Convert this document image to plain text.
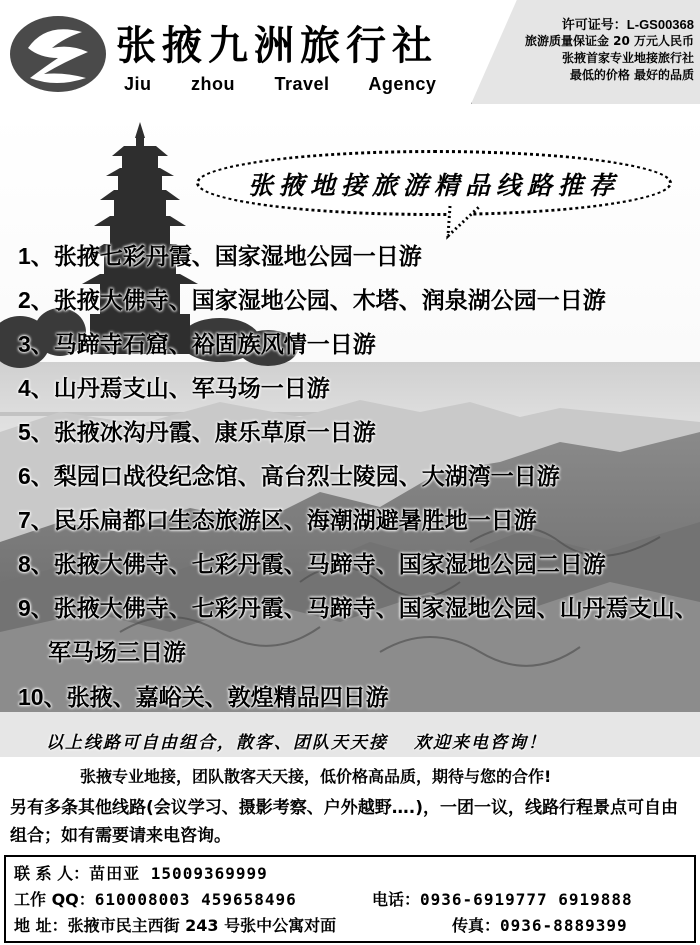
张掖九洲旅行社
Jiu zhou Travel Agency
许可证号：L-GS00368
旅游质量保证金 20 万元人民币
张掖首家专业地接旅行社
最低的价格 最好的品质
张掖地接旅游精品线路推荐
1、张掖七彩丹霞、国家湿地公园一日游
2、张掖大佛寺、国家湿地公园、木塔、润泉湖公园一日游
3、马蹄寺石窟、裕固族风情一日游
4、山丹焉支山、军马场一日游
5、张掖冰沟丹霞、康乐草原一日游
6、梨园口战役纪念馆、高台烈士陵园、大湖湾一日游
7、民乐扁都口生态旅游区、海潮湖避暑胜地一日游
8、张掖大佛寺、七彩丹霞、马蹄寺、国家湿地公园二日游
9、张掖大佛寺、七彩丹霞、马蹄寺、国家湿地公园、山丹焉支山、军马场三日游
10、张掖、嘉峪关、敦煌精品四日游
以上线路可自由组合，散客、团队天天接 欢迎来电咨询！
张掖专业地接，团队散客天天接，低价格高品质，期待与您的合作!
另有多条其他线路(会议学习、摄影考察、户外越野….)，一团一议，线路行程景点可自由组合；如有需要请来电咨询。
联 系 人：苗田亚 15009369999
工作 QQ：610008003 459658496	电话：0936-6919777 6919888
地 址：张掖市民主西街 243 号张中公寓对面	传真：0936-8889399
